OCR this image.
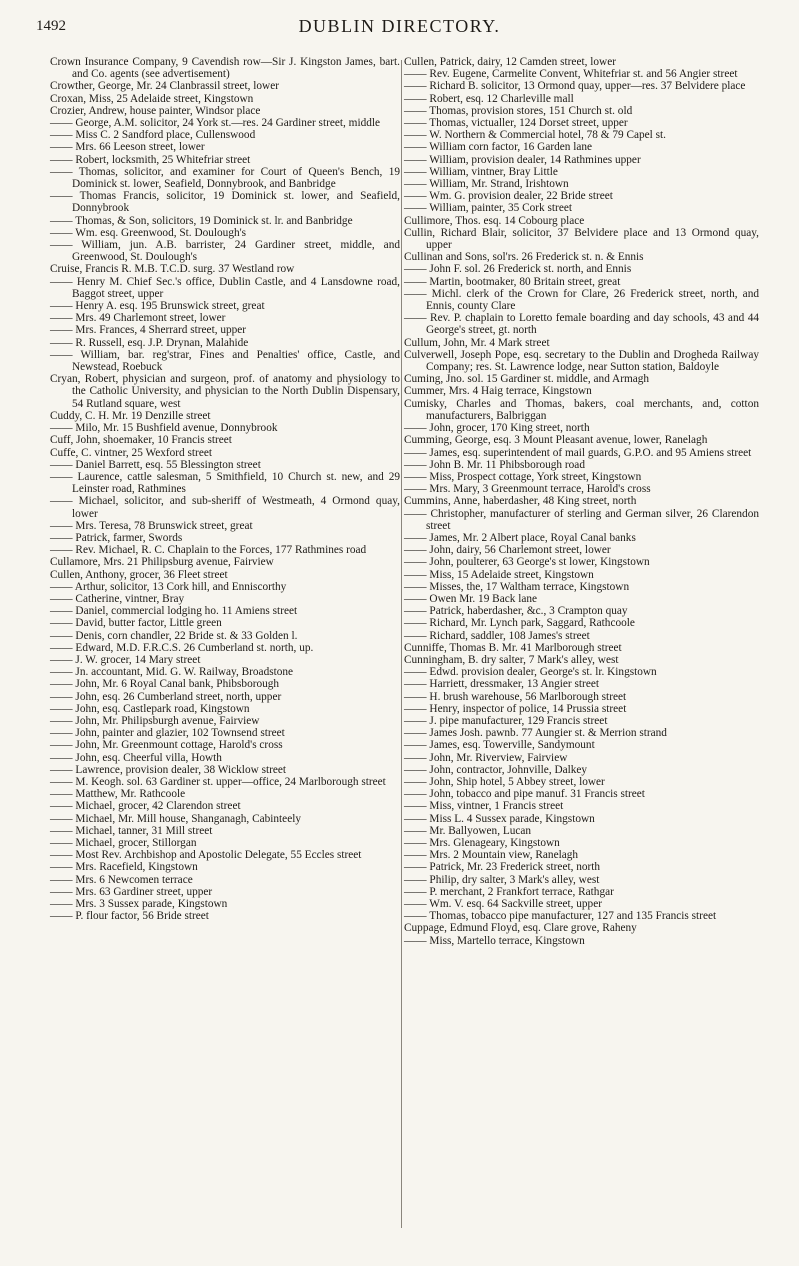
1492	DUBLIN DIRECTORY.
Crown Insurance Company, 9 Cavendish row—Sir J. Kingston James, bart. and Co. agents (see advertisement)
Crowther, George, Mr. 24 Clanbrassil street, lower
Croxan, Miss, 25 Adelaide street, Kingstown
Crozier, Andrew, house painter, Windsor place
—— George, A.M. solicitor, 24 York st.—res. 24 Gardiner street, middle
—— Miss C. 2 Sandford place, Cullenswood
—— Mrs. 66 Leeson street, lower
—— Robert, locksmith, 25 Whitefriar street
—— Thomas, solicitor, and examiner for Court of Queen's Bench, 19 Dominick st. lower, Seafield, Donnybrook, and Banbridge
—— Thomas Francis, solicitor, 19 Dominick st. lower, and Seafield, Donnybrook
—— Thomas, & Son, solicitors, 19 Dominick st. lr. and Banbridge
—— Wm. esq. Greenwood, St. Doulough's
—— William, jun. A.B. barrister, 24 Gardiner street, middle, and Greenwood, St. Doulough's
Cruise, Francis R. M.B. T.C.D. surg. 37 Westland row
—— Henry M. Chief Sec.'s office, Dublin Castle, and 4 Lansdowne road, Baggot street, upper
—— Henry A. esq. 195 Brunswick street, great
—— Mrs. 49 Charlemont street, lower
—— Mrs. Frances, 4 Sherrard street, upper
—— R. Russell, esq. J.P. Drynan, Malahide
—— William, bar. reg'strar, Fines and Penalties' office, Castle, and Newstead, Roebuck
Cryan, Robert, physician and surgeon, prof. of anatomy and physiology to the Catholic University, and physician to the North Dublin Dispensary, 54 Rutland square, west
Cuddy, C. H. Mr. 19 Denzille street
—— Milo, Mr. 15 Bushfield avenue, Donnybrook
Cuff, John, shoemaker, 10 Francis street
Cuffe, C. vintner, 25 Wexford street
—— Daniel Barrett, esq. 55 Blessington street
—— Laurence, cattle salesman, 5 Smithfield, 10 Church st. new, and 29 Leinster road, Rathmines
—— Michael, solicitor, and sub-sheriff of Westmeath, 4 Ormond quay, lower
—— Mrs. Teresa, 78 Brunswick street, great
—— Patrick, farmer, Swords
—— Rev. Michael, R. C. Chaplain to the Forces, 177 Rathmines road
Cullamore, Mrs. 21 Philipsburg avenue, Fairview
Cullen, Anthony, grocer, 36 Fleet street
—— Arthur, solicitor, 13 Cork hill, and Enniscorthy
—— Catherine, vintner, Bray
—— Daniel, commercial lodging ho. 11 Amiens street
—— David, butter factor, Little green
—— Denis, corn chandler, 22 Bride st. & 33 Golden l.
—— Edward, M.D. F.R.C.S. 26 Cumberland st. north, up.
—— J. W. grocer, 14 Mary street
—— Jn. accountant, Mid. G. W. Railway, Broadstone
—— John, Mr. 6 Royal Canal bank, Phibsborough
—— John, esq. 26 Cumberland street, north, upper
—— John, esq. Castlepark road, Kingstown
—— John, Mr. Philipsburgh avenue, Fairview
—— John, painter and glazier, 102 Townsend street
—— John, Mr. Greenmount cottage, Harold's cross
—— John, esq. Cheerful villa, Howth
—— Lawrence, provision dealer, 38 Wicklow street
—— M. Keogh. sol. 63 Gardiner st. upper—office, 24 Marlborough street
—— Matthew, Mr. Rathcoole
—— Michael, grocer, 42 Clarendon street
—— Michael, Mr. Mill house, Shanganagh, Cabinteely
—— Michael, tanner, 31 Mill street
—— Michael, grocer, Stillorgan
—— Most Rev. Archbishop and Apostolic Delegate, 55 Eccles street
—— Mrs. Racefield, Kingstown
—— Mrs. 6 Newcomen terrace
—— Mrs. 63 Gardiner street, upper
—— Mrs. 3 Sussex parade, Kingstown
—— P. flour factor, 56 Bride street
Cullen, Patrick, dairy, 12 Camden street, lower
—— Rev. Eugene, Carmelite Convent, Whitefriar st. and 56 Angier street
—— Richard B. solicitor, 13 Ormond quay, upper—res. 37 Belvidere place
—— Robert, esq. 12 Charleville mall
—— Thomas, provision stores, 151 Church st. old
—— Thomas, victualler, 124 Dorset street, upper
—— W. Northern & Commercial hotel, 78 & 79 Capel st.
—— William corn factor, 16 Garden lane
—— William, provision dealer, 14 Rathmines upper
—— William, vintner, Bray Little
—— William, Mr. Strand, Irishtown
—— Wm. G. provision dealer, 22 Bride street
—— William, painter, 35 Cork street
Cullimore, Thos. esq. 14 Cobourg place
Cullin, Richard Blair, solicitor, 37 Belvidere place and 13 Ormond quay, upper
Cullinan and Sons, sol'rs. 26 Frederick st. n. & Ennis
—— John F. sol. 26 Frederick st. north, and Ennis
—— Martin, bootmaker, 80 Britain street, great
—— Michl. clerk of the Crown for Clare, 26 Frederick street, north, and Ennis, county Clare
—— Rev. P. chaplain to Loretto female boarding and day schools, 43 and 44 George's street, gt. north
Cullum, John, Mr. 4 Mark street
Culverwell, Joseph Pope, esq. secretary to the Dublin and Drogheda Railway Company; res. St. Lawrence lodge, near Sutton station, Baldoyle
Cuming, Jno. sol. 15 Gardiner st. middle, and Armagh
Cummer, Mrs. 4 Haig terrace, Kingstown
Cumisky, Charles and Thomas, bakers, coal merchants, and, cotton manufacturers, Balbriggan
—— John, grocer, 170 King street, north
Cumming, George, esq. 3 Mount Pleasant avenue, lower, Ranelagh
—— James, esq. superintendent of mail guards, G.P.O. and 95 Amiens street
—— John B. Mr. 11 Phibsborough road
—— Miss, Prospect cottage, York street, Kingstown
—— Mrs. Mary, 3 Greenmount terrace, Harold's cross
Cummins, Anne, haberdasher, 48 King street, north
—— Christopher, manufacturer of sterling and German silver, 26 Clarendon street
—— James, Mr. 2 Albert place, Royal Canal banks
—— John, dairy, 56 Charlemont street, lower
—— John, poulterer, 63 George's st lower, Kingstown
—— Miss, 15 Adelaide street, Kingstown
—— Misses, the, 17 Waltham terrace, Kingstown
—— Owen Mr. 19 Back lane
—— Patrick, haberdasher, &c., 3 Crampton quay
—— Richard, Mr. Lynch park, Saggard, Rathcoole
—— Richard, saddler, 108 James's street
Cunniffe, Thomas B. Mr. 41 Marlborough street
Cunningham, B. dry salter, 7 Mark's alley, west
—— Edwd. provision dealer, George's st. lr. Kingstown
—— Harriett, dressmaker, 13 Angier street
—— H. brush warehouse, 56 Marlborough street
—— Henry, inspector of police, 14 Prussia street
—— J. pipe manufacturer, 129 Francis street
—— James Josh. pawnb. 77 Aungier st. & Merrion strand
—— James, esq. Towerville, Sandymount
—— John, Mr. Riverview, Fairview
—— John, contractor, Johnville, Dalkey
—— John, Ship hotel, 5 Abbey street, lower
—— John, tobacco and pipe manuf. 31 Francis street
—— Miss, vintner, 1 Francis street
—— Miss L. 4 Sussex parade, Kingstown
—— Mr. Ballyowen, Lucan
—— Mrs. Glenageary, Kingstown
—— Mrs. 2 Mountain view, Ranelagh
—— Patrick, Mr. 23 Frederick street, north
—— Philip, dry salter, 3 Mark's alley, west
—— P. merchant, 2 Frankfort terrace, Rathgar
—— Wm. V. esq. 64 Sackville street, upper
—— Thomas, tobacco pipe manufacturer, 127 and 135 Francis street
Cuppage, Edmund Floyd, esq. Clare grove, Raheny
—— Miss, Martello terrace, Kingstown
